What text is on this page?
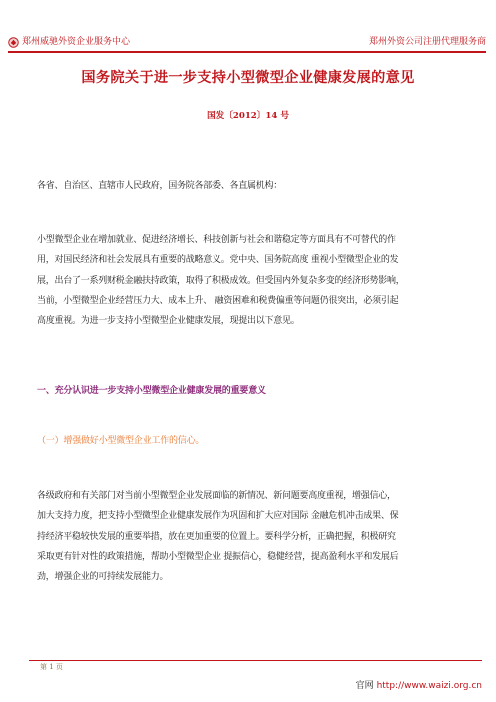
郑州威驰外资企业服务中心	郑州外资公司注册代理服务商
国务院关于进一步支持小型微型企业健康发展的意见
国发〔2012〕14 号
各省、自治区、直辖市人民政府，国务院各部委、各直属机构：
小型微型企业在增加就业、促进经济增长、科技创新与社会和谐稳定等方面具有不可替代的作
用，对国民经济和社会发展具有重要的战略意义。党中央、国务院高度 重视小型微型企业的发
展，出台了一系列财税金融扶持政策，取得了积极成效。但受国内外复杂多变的经济形势影响，
当前，小型微型企业经营压力大、成本上升、 融资困难和税费偏重等问题仍很突出，必须引起
高度重视。为进一步支持小型微型企业健康发展，现提出以下意见。
一、充分认识进一步支持小型微型企业健康发展的重要意义
（一）增强做好小型微型企业工作的信心。
各级政府和有关部门对当前小型微型企业发展面临的新情况、新问题要高度重视，增强信心，
加大支持力度，把支持小型微型企业健康发展作为巩固和扩大应对国际 金融危机冲击成果、保
持经济平稳较快发展的重要举措，放在更加重要的位置上。要科学分析，正确把握，积极研究
采取更有针对性的政策措施，帮助小型微型企业 提振信心，稳健经营，提高盈利水平和发展后
劲，增强企业的可持续发展能力。
第 1 页
官网 http://www.waizi.org.cn
